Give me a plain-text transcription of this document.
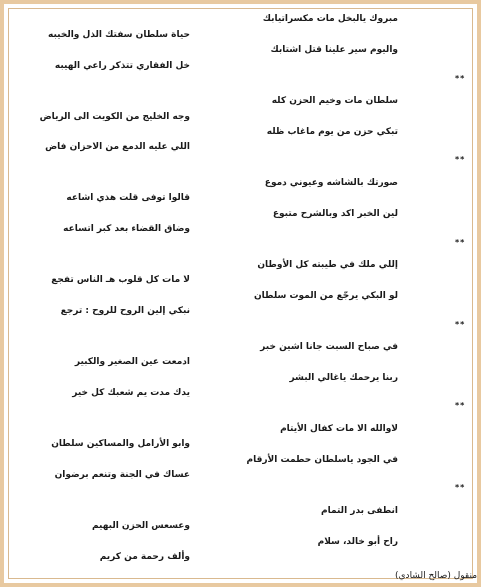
مبروك يالبخل مات مكسراتيابك
حياة سلطان سفتك الذل والخيبه
واليوم سير علينا قتل اشتابك
خل الفقاري تتذكر راعي الهيبه
**
سلطان مات وخيم الحزن كله
وجه الخليج من الكويت الى الرياض
تبكي حزن من يوم ماغاب ظله
اللي عليه الدمع من الاحزان فاض
**
صورتك بالشاشه وعيوني دموع
قالوا توفى قلت هذي اشاعه
لين الخبر اكد وبالشرح متبوع
وضاق القضاء بعد كبر اتساعه
**
إللي ملك في طيبته كل الأوطان
لا مات كل قلوب هـ الناس تفجع
لو البكي يرجّع من الموت سلطان
نبكي إلين الروح للروح : ترجع
**
في صباح السبت جانا اشين خبر
ادمعت عين الصغير والكبير
ربنا يرحمك ياغالي البشر
يدك مدت يم شعبك كل خير
**
لاوالله الا مات كفال الأيتام
وابو الأرامل والمساكين سلطان
في الجود ياسلطان حطمت الأرقام
عساك في الجنة وتنعم برضوان
**
انطفى بدر التمام
وعسعس الحزن البهيم
راح أبو خالد، سلام
وألف رحمة من كريم
منقول (صالح الشادي)
